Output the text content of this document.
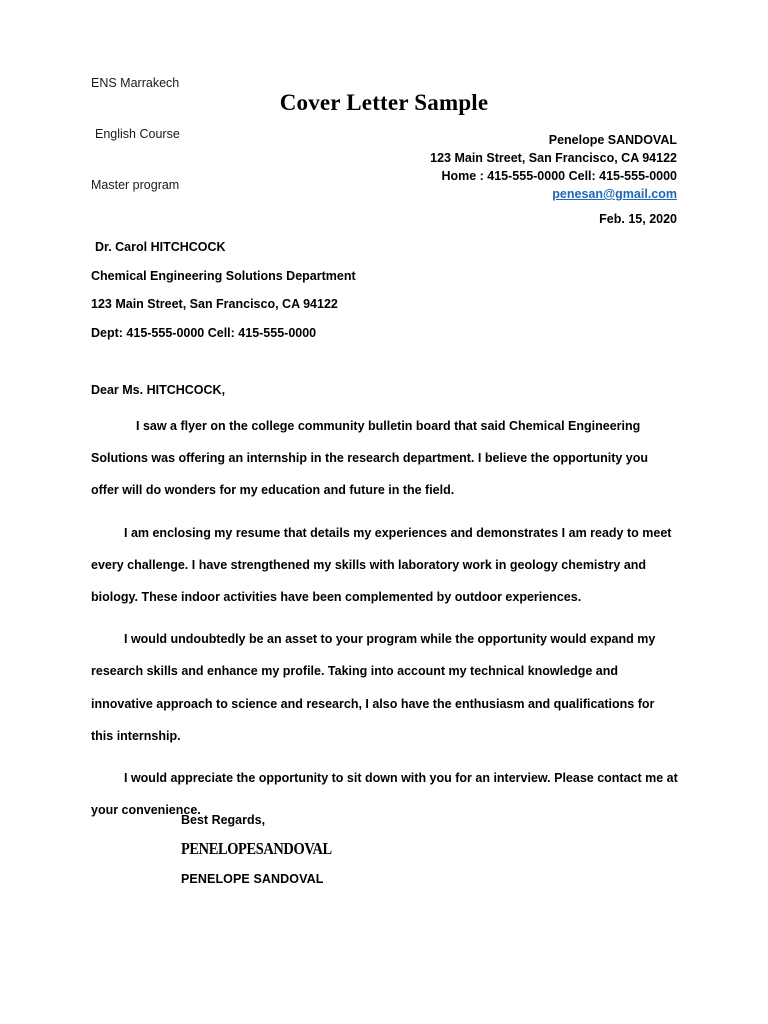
ENS Marrakech

English Course

Master program

Cover Letter Sample
Penelope SANDOVAL
123 Main Street, San Francisco, CA 94122
Home : 415-555-0000 Cell: 415-555-0000
penesan@gmail.com
Feb. 15, 2020
Dr. Carol HITCHCOCK
Chemical Engineering Solutions Department
123 Main Street, San Francisco, CA 94122
Dept: 415-555-0000 Cell: 415-555-0000
Dear Ms. HITCHCOCK,

I saw a flyer on the college community bulletin board that said Chemical Engineering Solutions was offering an internship in the research department. I believe the opportunity you offer will do wonders for my education and future in the field.

I am enclosing my resume that details my experiences and demonstrates I am ready to meet every challenge. I have strengthened my skills with laboratory work in geology chemistry and biology. These indoor activities have been complemented by outdoor experiences.

I would undoubtedly be an asset to your program while the opportunity would expand my research skills and enhance my profile. Taking into account my technical knowledge and innovative approach to science and research, I also have the enthusiasm and qualifications for this internship.

I would appreciate the opportunity to sit down with you for an interview. Please contact me at your convenience.

Best Regards,
PENELOPESANDOVAL
PENELOPE SANDOVAL
